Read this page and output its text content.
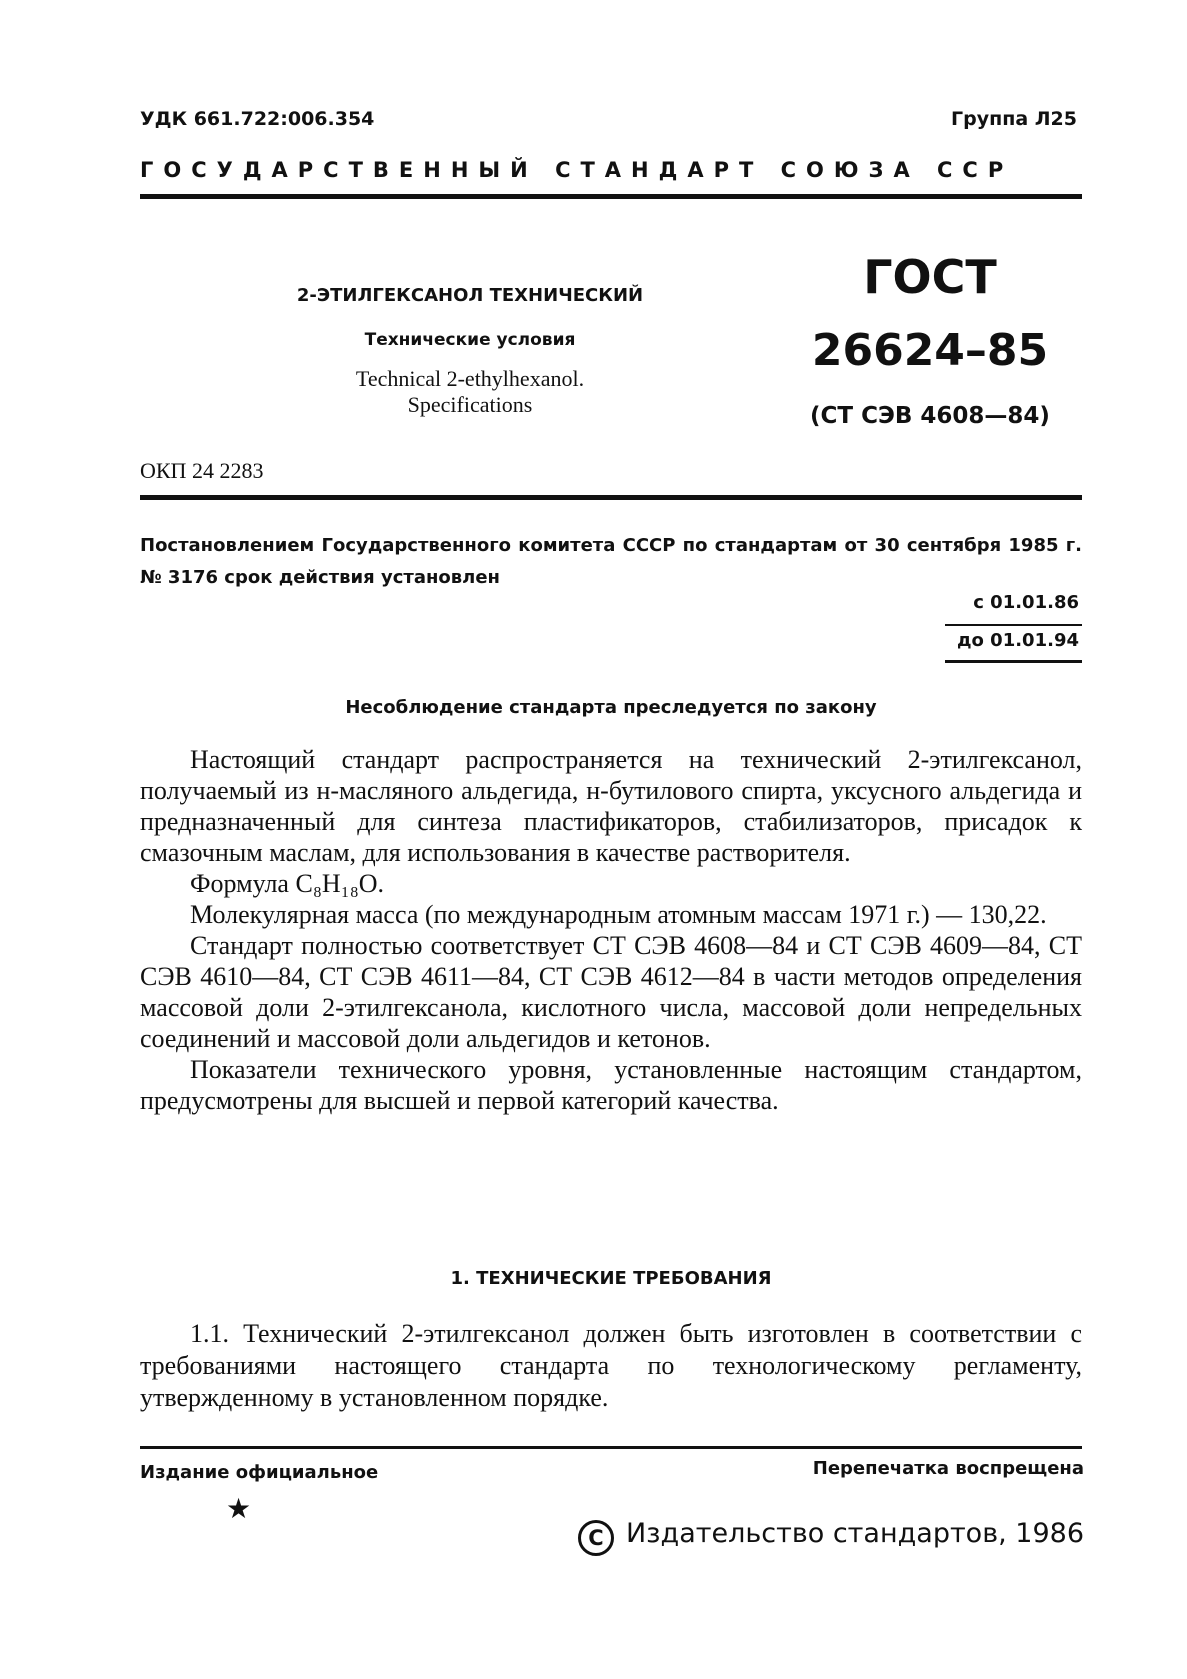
УДК 661.722:006.354	Группа Л25
ГОСУДАРСТВЕННЫЙ СТАНДАРТ СОЮЗА ССР
2-ЭТИЛГЕКСАНОЛ ТЕХНИЧЕСКИЙ
Технические условия
Technical 2-ethylhexanol.
Specifications
ГОСТ
26624–85
(СТ СЭВ 4608—84)
ОКП 24 2283
Постановлением Государственного комитета СССР по стандартам от 30 сентября 1985 г. № 3176 срок действия установлен
с 01.01.86
до 01.01.94
Несоблюдение стандарта преследуется по закону

Настоящий стандарт распространяется на технический 2-этилгексанол, получаемый из н-масляного альдегида, н-бутилового спирта, уксусного альдегида и предназначенный для синтеза пластификаторов, стабилизаторов, присадок к смазочным маслам, для использования в качестве растворителя.

Формула C₈H₁₈O.

Молекулярная масса (по международным атомным массам 1971 г.) — 130,22.

Стандарт полностью соответствует СТ СЭВ 4608—84 и СТ СЭВ 4609—84, СТ СЭВ 4610—84, СТ СЭВ 4611—84, СТ СЭВ 4612—84 в части методов определения массовой доли 2-этилгексанола, кислотного числа, массовой доли непредельных соединений и массовой доли альдегидов и кетонов.

Показатели технического уровня, установленные настоящим стандартом, предусмотрены для высшей и первой категорий качества.

1. ТЕХНИЧЕСКИЕ ТРЕБОВАНИЯ

1.1. Технический 2-этилгексанол должен быть изготовлен в соответствии с требованиями настоящего стандарта по технологическому регламенту, утвержденному в установленном порядке.

Издание официальное	Перепечатка воспрещена
★
C Издательство стандартов, 1986
